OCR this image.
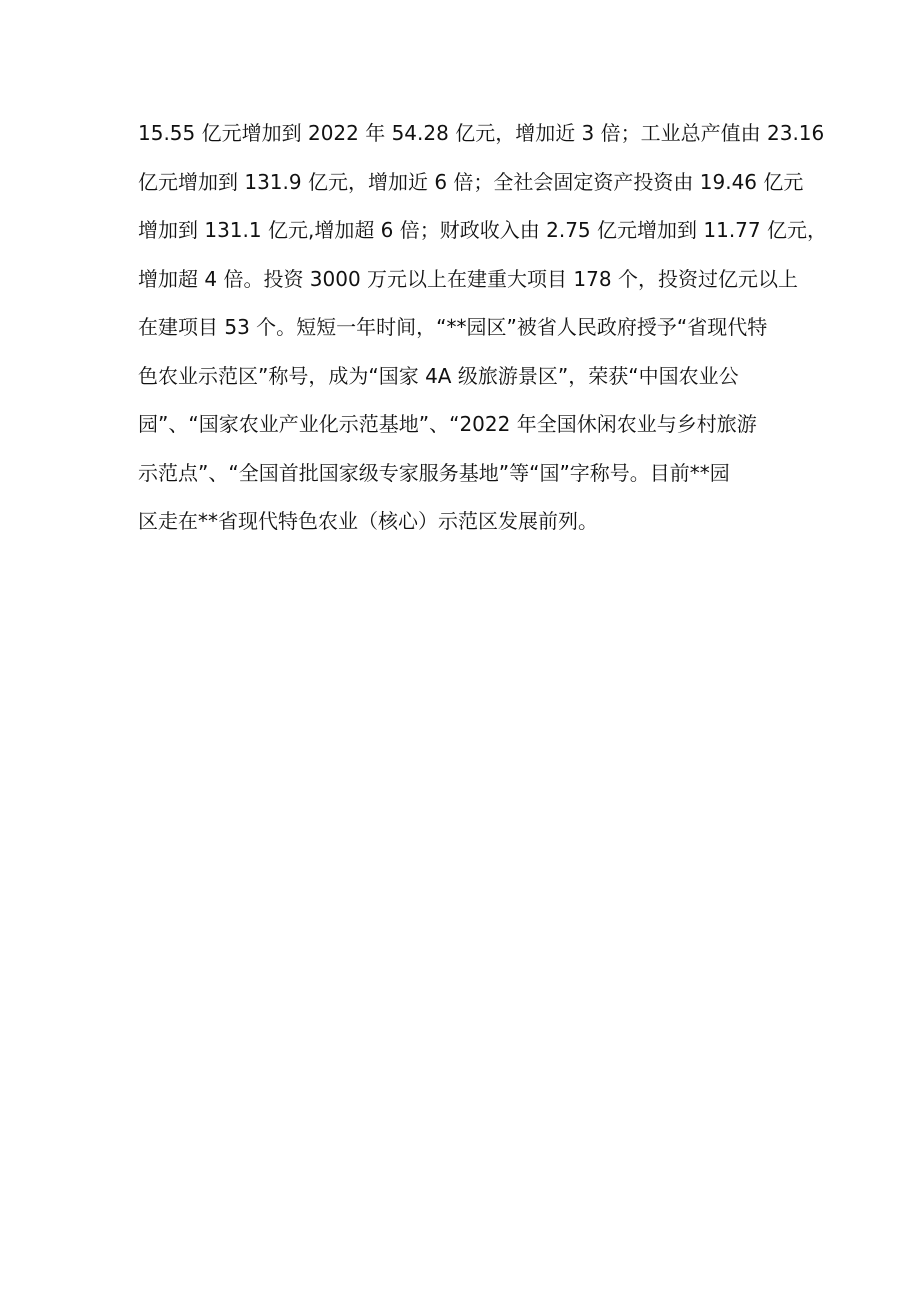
15.55 亿元增加到 2022 年 54.28 亿元，增加近 3 倍；工业总产值由 23.16
亿元增加到 131.9 亿元，增加近 6 倍；全社会固定资产投资由 19.46 亿元
增加到 131.1 亿元,增加超 6 倍；财政收入由 2.75 亿元增加到 11.77 亿元，
增加超 4 倍。投资 3000 万元以上在建重大项目 178 个，投资过亿元以上
在建项目 53 个。短短一年时间，“**园区”被省人民政府授予“省现代特
色农业示范区”称号，成为“国家 4A 级旅游景区”，荣获“中国农业公
园”、“国家农业产业化示范基地”、“2022 年全国休闲农业与乡村旅游
示范点”、“全国首批国家级专家服务基地”等“国”字称号。目前**园
区走在**省现代特色农业（核心）示范区发展前列。
